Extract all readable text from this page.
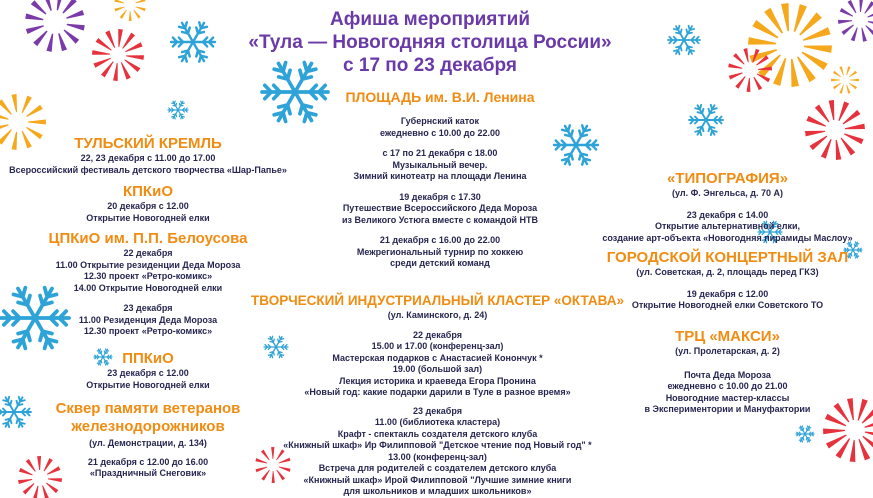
Афиша мероприятий
«Тула — Новогодняя столица России»
с 17 по 23 декабря
ТУЛЬСКИЙ КРЕМЛЬ
22, 23 декабря с 11.00 до 17.00
Всероссийский фестиваль детского творчества «Шар-Папье»
КПКиО
20 декабря с 12.00
Открытие Новогодней елки
ЦПКиО им. П.П. Белоусова
22 декабря
11.00 Открытие резиденции Деда Мороза
12.30 проект «Ретро-комикс»
14.00 Открытие Новогодней елки
23 декабря
11.00 Резиденция Деда Мороза
12.30 проект «Ретро-комикс»
ППКиО
23 декабря с 12.00
Открытие Новогодней елки
Сквер памяти ветеранов
железнодорожников
(ул. Демонстрации, д. 134)
21 декабря с 12.00 до 16.00
«Праздничный Снеговик»
ПЛОЩАДЬ им. В.И. Ленина
Губернский каток
ежедневно с 10.00 до 22.00
с 17 по 21 декабря с 18.00
Музыкальный вечер.
Зимний кинотеатр на площади Ленина
19 декабря с 17.30
Путешествие Всероссийского Деда Мороза
из Великого Устюга вместе с командой НТВ
21 декабря с 16.00 до 22.00
Межрегиональный турнир по хоккею
среди детский команд
ТВОРЧЕСКИЙ ИНДУСТРИАЛЬНЫЙ КЛАСТЕР «ОКТАВА»
(ул. Каминского, д. 24)
22 декабря
15.00 и 17.00 (конференц-зал)
Мастерская подарков с Анастасией Конончук *
19.00 (большой зал)
Лекция историка и краеведа Егора Пронина
«Новый год: какие подарки дарили в Туле в разное время»
23 декабря
11.00 (библиотека кластера)
Крафт - спектакль создателя детского клуба
«Книжный шкаф» Ир Филипповой "Детское чтение под Новый год" *
13.00 (конференц-зал)
Встреча для родителей с создателем детского клуба
«Книжный шкаф» Ирой Филипповой "Лучшие зимние книги
для школьников и младших школьников»
«ТИПОГРАФИЯ»
(ул. Ф. Энгельса, д. 70 А)
23 декабря с 14.00
Открытие альтернативной елки,
создание арт-объекта «Новогодняя пирамиды Маслоу»
ГОРОДСКОЙ КОНЦЕРТНЫЙ ЗАЛ
(ул. Советская, д. 2, площадь перед ГКЗ)
19 декабря с 12.00
Открытие Новогодней елки Советского ТО
ТРЦ «МАКСИ»
(ул. Пролетарская, д. 2)
Почта Деда Мороза
ежедневно с 10.00 до 21.00
Новогодние мастер-классы
в Экспериментории и Мануфактории
